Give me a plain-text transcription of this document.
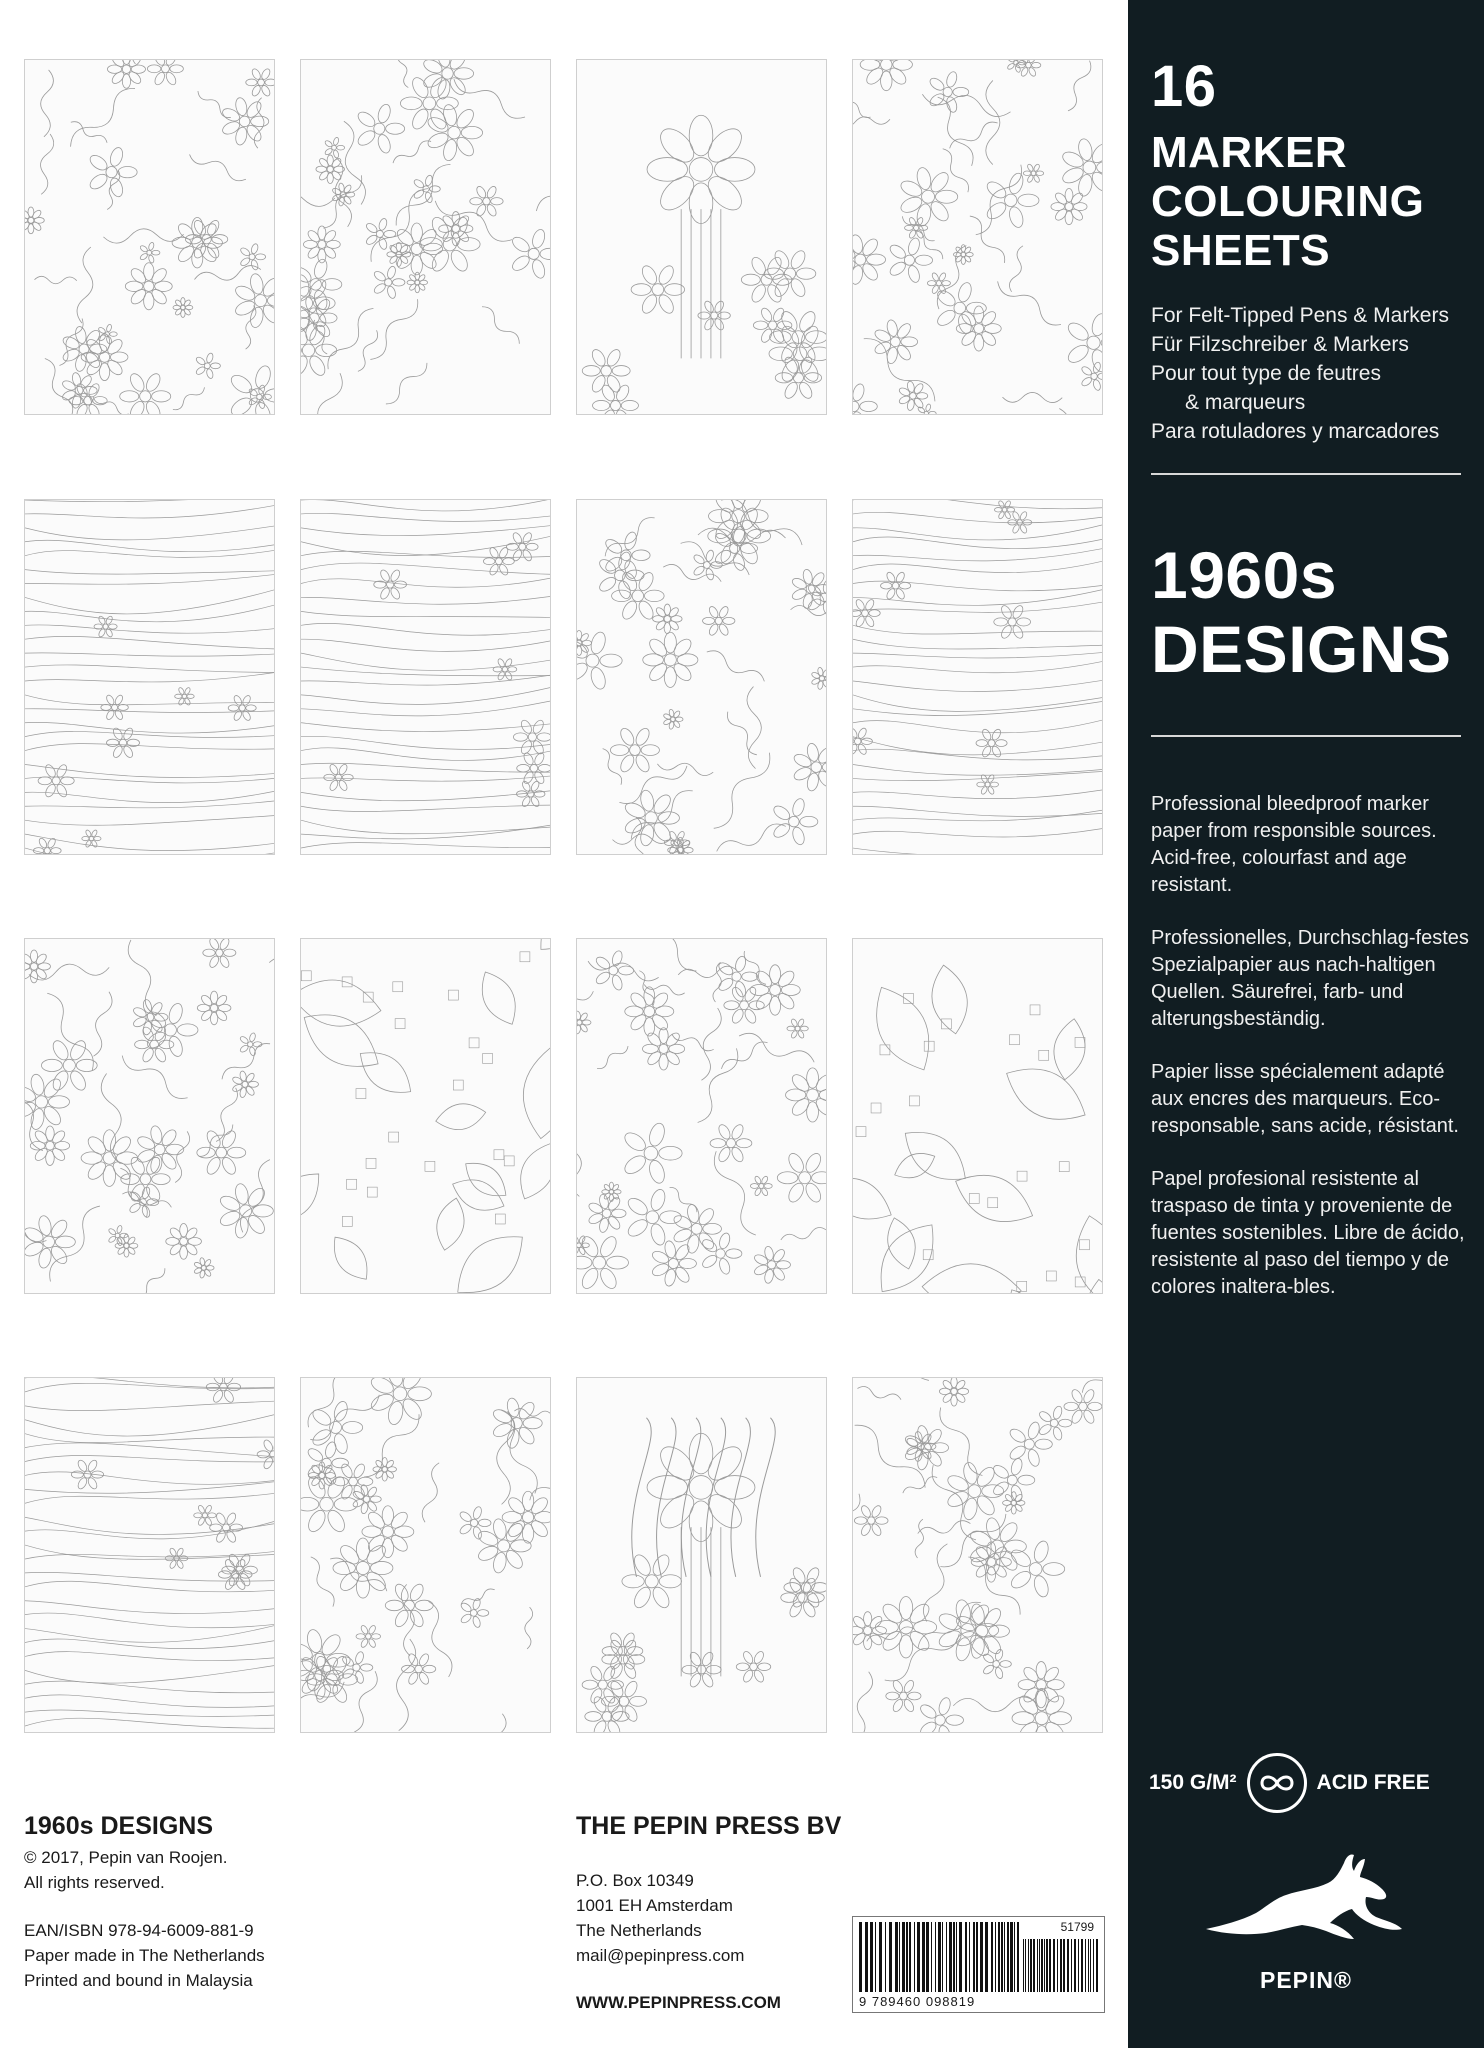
16
MARKER
COLOURING
SHEETS
For Felt-Tipped Pens & Markers
Für Filzschreiber & Markers
Pour tout type de feutres
& marqueurs
Para rotuladores y marcadores
1960s
DESIGNS

Professional bleedproof marker paper from responsible sources. Acid-free, colourfast and age resistant.

Professionelles, Durchschlag-festes Spezialpapier aus nach-haltigen Quellen. Säurefrei, farb- und alterungsbeständig.

Papier lisse spécialement adapté aux encres des marqueurs. Eco-responsable, sans acide, résistant.

Papel profesional resistente al traspaso de tinta y proveniente de fuentes sostenibles. Libre de ácido, resistente al paso del tiempo y de colores inaltera-bles.

150 G/M²	ACID FREE
PEPIN®
1960s DESIGNS
© 2017, Pepin van Roojen.
All rights reserved.
EAN/ISBN 978-94-6009-881-9
Paper made in The Netherlands
Printed and bound in Malaysia
THE PEPIN PRESS BV
P.O. Box 10349
1001 EH Amsterdam
The Netherlands
mail@pepinpress.com
WWW.PEPINPRESS.COM
51799
9 789460 098819
